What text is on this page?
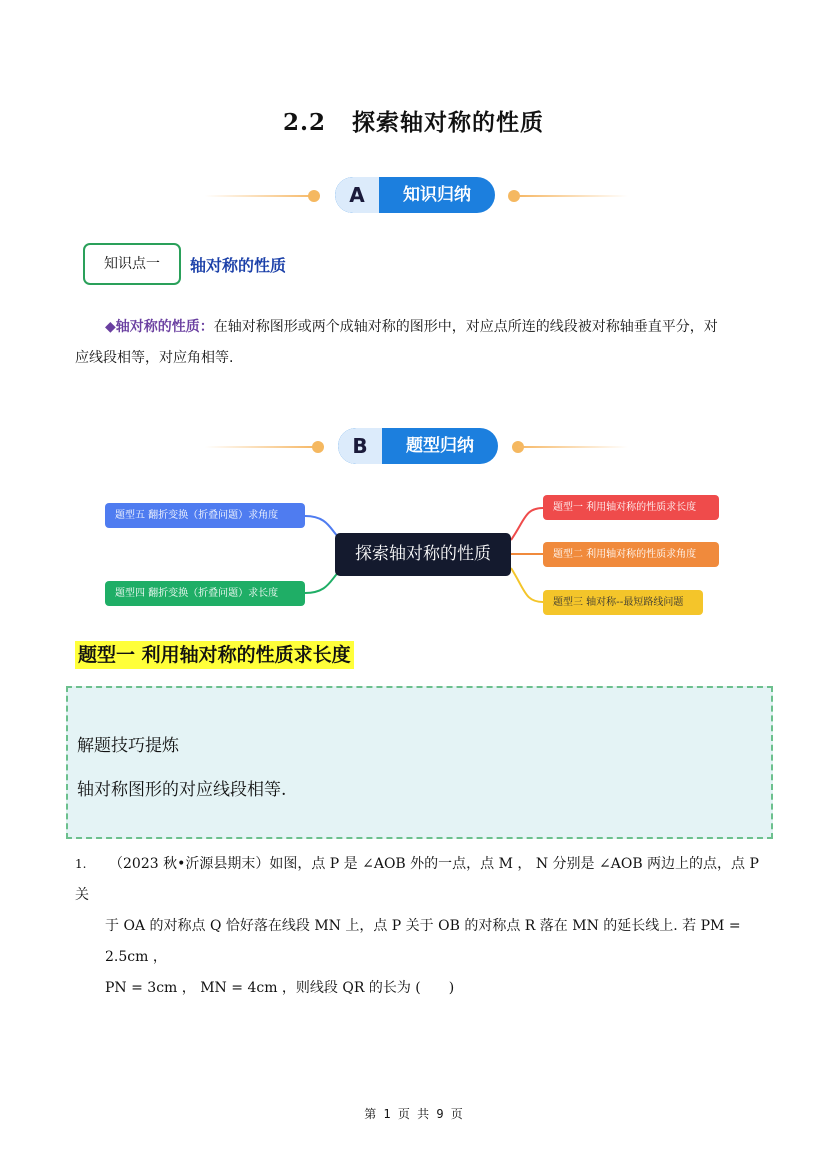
2.2 探索轴对称的性质
A	知识归纳
知识点一	轴对称的性质
◆轴对称的性质：在轴对称图形或两个成轴对称的图形中，对应点所连的线段被对称轴垂直平分，对
应线段相等，对应角相等.
B	题型归纳
探索轴对称的性质
题型五 翻折变换（折叠问题）求角度
题型四 翻折变换（折叠问题）求长度
题型一 利用轴对称的性质求长度
题型二 利用轴对称的性质求角度
题型三 轴对称--最短路线问题
题型一 利用轴对称的性质求长度
解题技巧提炼
轴对称图形的对应线段相等.
1. （2023 秋•沂源县期末）如图，点 P 是 ∠AOB 外的一点，点 M ， N 分别是 ∠AOB 两边上的点，点 P 关
于 OA 的对称点 Q 恰好落在线段 MN 上，点 P 关于 OB 的对称点 R 落在 MN 的延长线上. 若 PM = 2.5cm ，
PN = 3cm ， MN = 4cm ，则线段 QR 的长为 (　　)
第 1 页 共 9 页
